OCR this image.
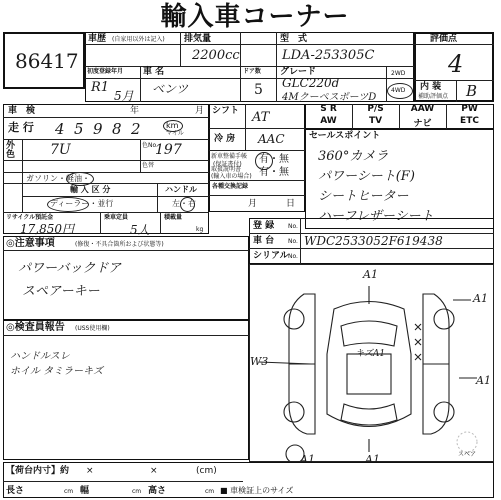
輸入車コーナー
86417
車歴 (自家用以外は記入) 排気量
2200cc
型　式
LDA-253305C
初度登録年月
R1
5月
車 名
ベンツ
ドア数
5
グレード
GLC220d
4MクーペスポーツD
2WD
4WD
評価点
4
内 装
補助評価点 B
車　検	年	月
走 行 4 5 9 8 2	km
マイル
外 色 7U	色No.
197
色替
ガソリン・軽油・
輸 入 区 分
ディーラー・並行
ハンドル
左・右
リサイクル預託金
17,850円
乗車定員
5人
積載量
kg
シフト AT
冷 房 AAC
新車整備手帳
(保証書付) 有・無
取扱説明書
(輸入車の場合) 有・無
各種交換記録
月	日
S R	P/S	AAW	PW
AW	TV	ナビ	ETC
セールスポイント
360°カメラ
パワーシート(F)
シートヒーター
ハーフレザーシート
◎注意事項	(修復・不具合箇所および状態等)
パワーバックドア
スペアーキー
登 録 No.
車 台 No. WDC2533052F619438
シリアル No.
◎検査員報告 (USS使用欄)
ハンドルスレ
ホイル タミラーキズ
A1
W3
A1
A1
A1
A1
キズA1
スペア
【荷台内寸】約 ×	×	(cm)
長さ	cm 幅	cm 高さ	cm ■ 車検証上のサイズ
